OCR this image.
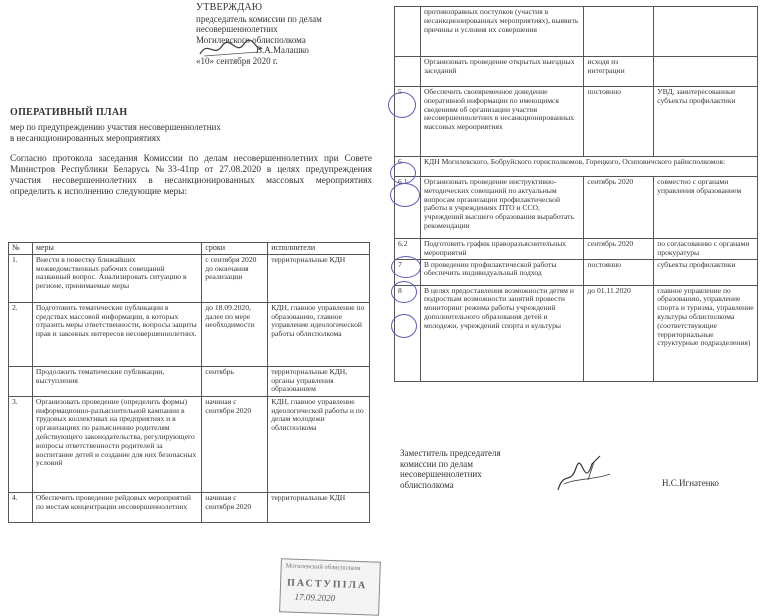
УТВЕРЖДАЮ
председатель комиссии по делам
несовершеннолетних
Могилевского облисполкома
В.А.Малашко
«10» сентября 2020 г.
ОПЕРАТИВНЫЙ ПЛАН
мер по предупреждению участия несовершеннолетних
в несанкционированных мероприятиях
Согласно протокола заседания Комиссии по делам несовершеннолетних при Совете Министров Республики Беларусь №33-41пр от 27.08.2020 в целях предупреждения участия несовершеннолетних в несанкционированных массовых мероприятиях определить к исполнению следующие меры:
№	меры	сроки	исполнители
1.	Внести в повестку ближайших межведомственных рабочих совещаний названный вопрос. Анализировать ситуацию в регионе, принимаемые меры	с сентября 2020 до окончания реализации	территориальные КДН
2.	Подготовить тематические публикации в средствах массовой информации, в которых отразить меры ответственности, вопросы защиты прав и законных интересов несовершеннолетних.	до 18.09.2020, далее по мере необходимости	КДН, главное управление по образованию, главное управление идеологической работы облисполкома
	Продолжить тематические публикации, выступления	сентябрь	территориальные КДН, органы управления образованием
3.	Организовать проведение (определить формы) информационно-разъяснительной кампании в трудовых коллективах на предприятиях и в организациях по разъяснению родителям действующего законодательства, регулирующего вопросы ответственности родителей за воспитание детей и создание для них безопасных условий	начиная с сентября 2020	КДН, главное управление идеологической работы и по делам молодежи облисполкома
4.	Обеспечить проведение рейдовых мероприятий по местам концентрации несовершеннолетних	начиная с сентября 2020	территориальные КДН
	противоправных поступков (участия в несанкционированных мероприятиях), выявить причины и условия их совершения		
	Организовать проведение открытых выездных заседаний	исходя из интеграции	
5	Обеспечить своевременное доведение оперативной информации по имеющимся сведениям об организации участия несовершеннолетних в несанкционированных массовых мероприятиях	постоянно	УВД, заинтересованные субъекты профилактики
6	КДН Могилевского, Бобруйского горисполкомов, Горецкого, Осиповичского райисполкомов:		
6.1	Организовать проведение инструктивно-методических совещаний по актуальным вопросам организации профилактической работы в учреждениях ПТО и ССО, учреждений высшего образования выработать рекомендации	сентябрь 2020	совместно с органами управления образованием
6.2	Подготовить график праворазъяснительных мероприятий	сентябрь 2020	по согласованию с органами прокуратуры
7	В проведении профилактической работы обеспечить индивидуальный подход	постоянно	субъекты профилактики
8	В целях предоставления возможности детям и подросткам возможности занятий провести мониторинг режима работы учреждений дополнительного образования детей и молодежи, учреждений спорта и культуры	до 01.11.2020	главное управление по образованию, управление спорта и туризма, управление культуры облисполкома (соответствующие территориальные структурные подразделения)
Заместитель председателя
комиссии по делам
несовершеннолетних
облисполкома	Н.С.Игнатенко
Могилевский облисполком
ПАСТУПІЛА
17.09.2020
